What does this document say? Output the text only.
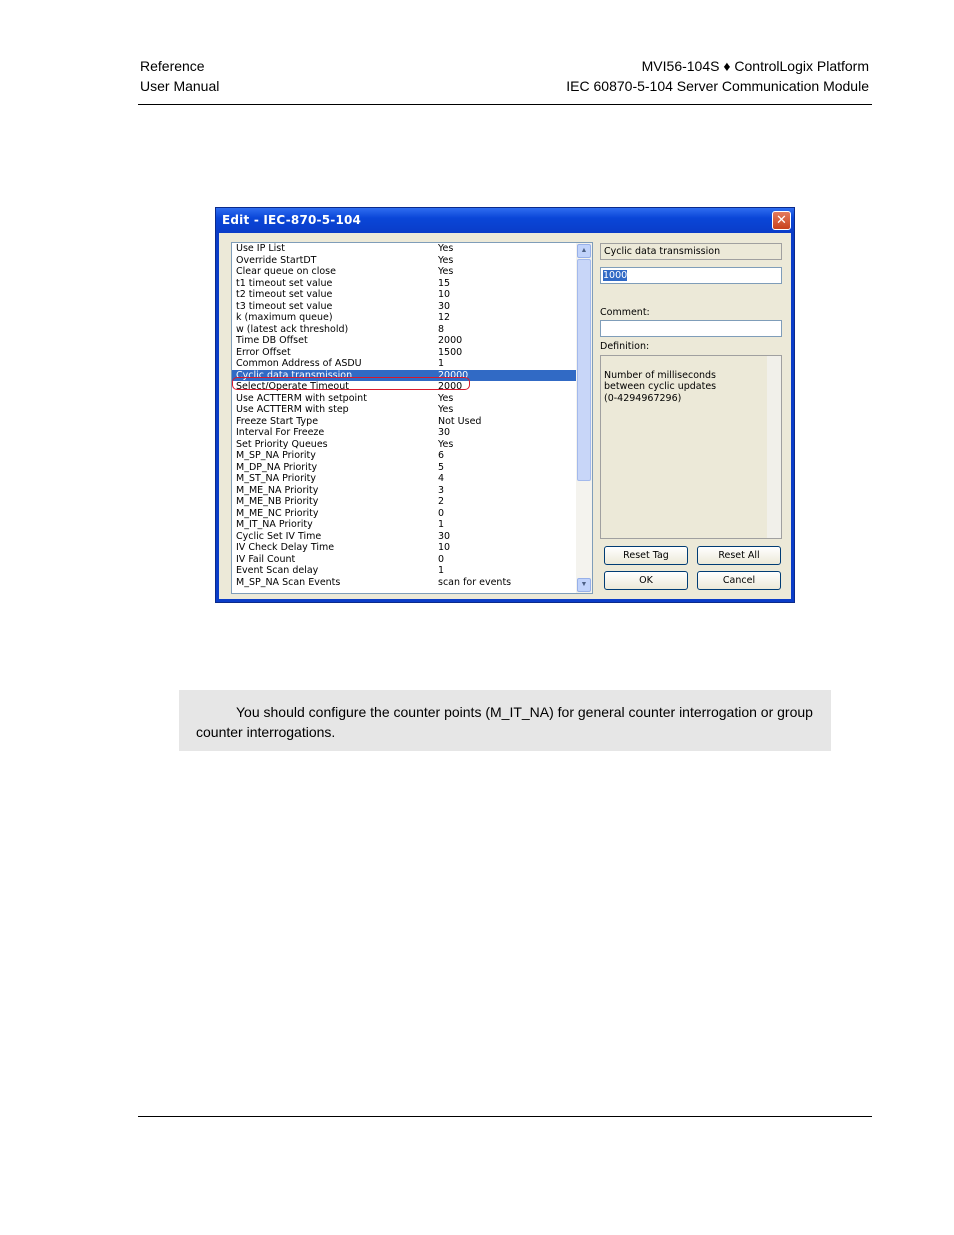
Reference
User Manual
MVI56-104S ♦ ControlLogix Platform
IEC 60870-5-104 Server Communication Module
Edit - IEC-870-5-104	✕
Use IP List	Yes
Override StartDT	Yes
Clear queue on close	Yes
t1 timeout set value	15
t2 timeout set value	10
t3 timeout set value	30
k (maximum queue)	12
w (latest ack threshold)	8
Time DB Offset	2000
Error Offset	1500
Common Address of ASDU	1
Cyclic data transmission	20000
Select/Operate Timeout	2000
Use ACTTERM with setpoint	Yes
Use ACTTERM with step	Yes
Freeze Start Type	Not Used
Interval For Freeze	30
Set Priority Queues	Yes
M_SP_NA Priority	6
M_DP_NA Priority	5
M_ST_NA Priority	4
M_ME_NA Priority	3
M_ME_NB Priority	2
M_ME_NC Priority	0
M_IT_NA Priority	1
Cyclic Set IV Time	30
IV Check Delay Time	10
IV Fail Count	0
Event Scan delay	1
M_SP_NA Scan Events	scan for events
▲
▼
Cyclic data transmission
1000
Comment:
Definition:

Number of milliseconds
between cyclic updates
(0-4294967296)

Reset Tag	Reset All
OK	Cancel

You should configure the counter points (M_IT_NA) for general counter interrogation or group counter interrogations.
